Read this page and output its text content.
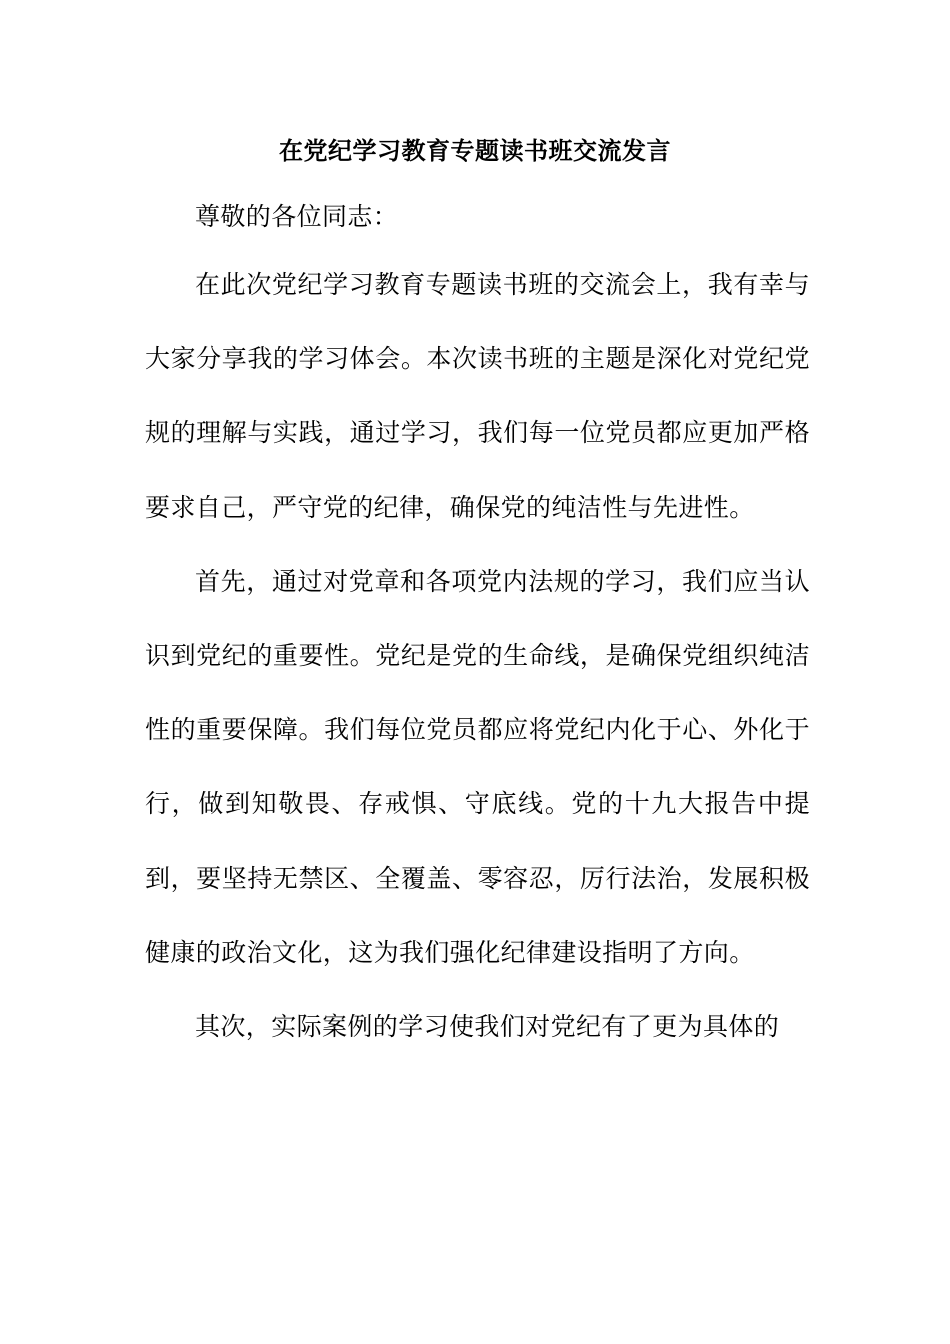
在党纪学习教育专题读书班交流发言
尊敬的各位同志：

在此次党纪学习教育专题读书班的交流会上，我有幸与大家分享我的学习体会。本次读书班的主题是深化对党纪党规的理解与实践，通过学习，我们每一位党员都应更加严格要求自己，严守党的纪律，确保党的纯洁性与先进性。

首先，通过对党章和各项党内法规的学习，我们应当认识到党纪的重要性。党纪是党的生命线，是确保党组织纯洁性的重要保障。我们每位党员都应将党纪内化于心、外化于行，做到知敬畏、存戒惧、守底线。党的十九大报告中提到，要坚持无禁区、全覆盖、零容忍，厉行法治，发展积极健康的政治文化，这为我们强化纪律建设指明了方向。

其次，实际案例的学习使我们对党纪有了更为具体的
